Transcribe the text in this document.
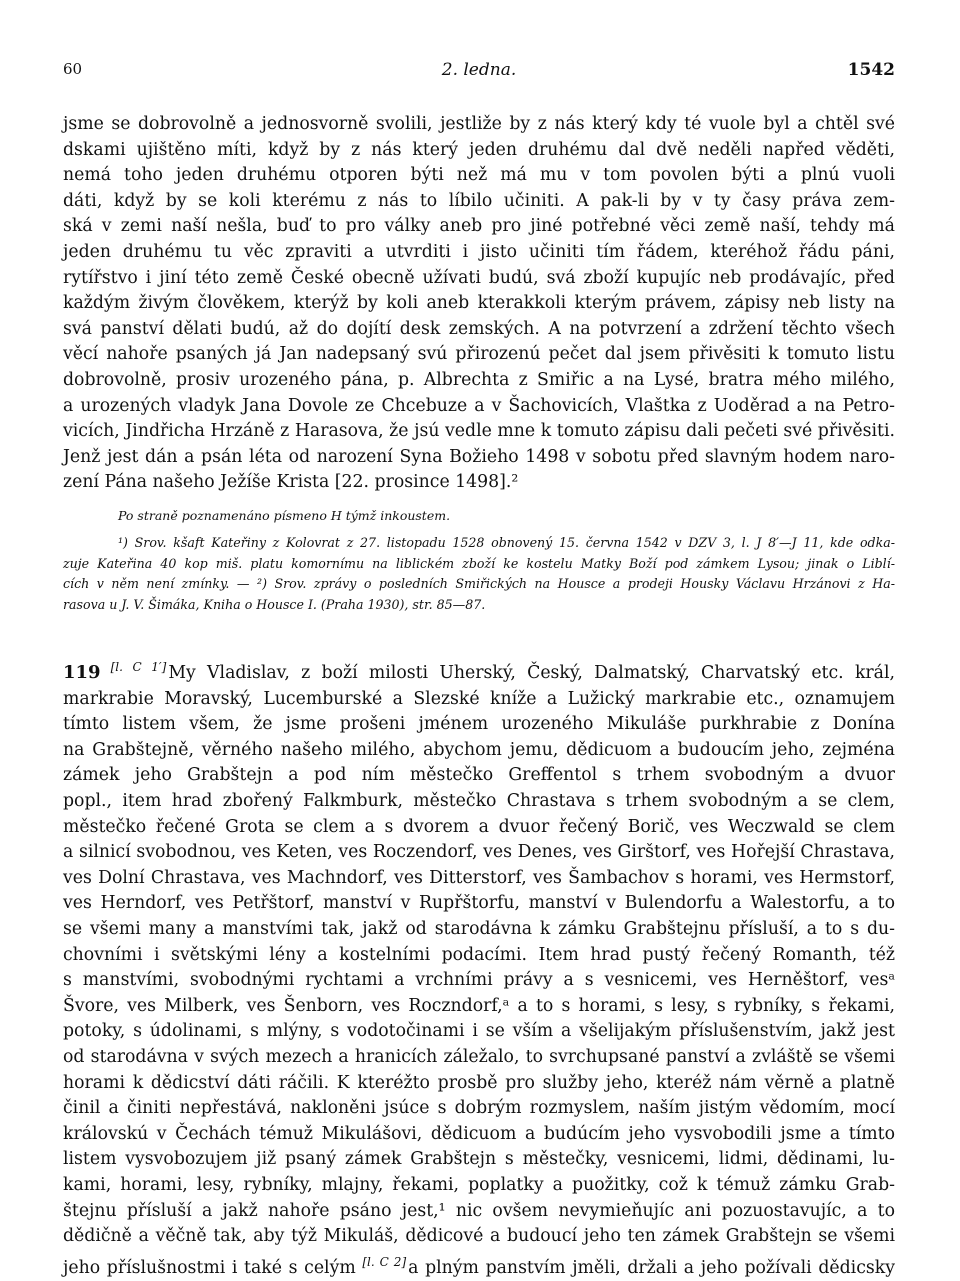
60	2. ledna.	1542

jsme se dobrovolně a jednosvorně svolili, jestliže by z nás který kdy té vuole byl a chtěl své

dskami ujištěno míti, když by z nás který jeden druhému dal dvě neděli napřed věděti,

nemá toho jeden druhému otporen býti než má mu v tom povolen býti a plnú vuoli

dáti, když by se koli kterému z nás to líbilo učiniti. A pak-li by v ty časy práva zem-

ská v zemi naší nešla, buď to pro války aneb pro jiné potřebné věci země naší, tehdy má

jeden druhému tu věc zpraviti a utvrditi i jisto učiniti tím řádem, kteréhož řádu páni,

rytířstvo i jiní této země České obecně užívati budú, svá zboží kupujíc neb prodávajíc, před

každým živým člověkem, kterýž by koli aneb kterakkoli kterým právem, zápisy neb listy na

svá panství dělati budú, až do dojítí desk zemských. A na potvrzení a zdržení těchto všech

věcí nahoře psaných já Jan nadepsaný svú přirozenú pečet dal jsem přivěsiti k tomuto listu

dobrovolně, prosiv urozeného pána, p. Albrechta z Smiřic a na Lysé, bratra mého milého,

a urozených vladyk Jana Dovole ze Chcebuze a v Šachovicích, Vlaštka z Uoděrad a na Petro-

vicích, Jindřicha Hrzáně z Harasova, že jsú vedle mne k tomuto zápisu dali pečeti své přivěsiti.

Jenž jest dán a psán léta od narození Syna Božieho 1498 v sobotu před slavným hodem naro-

zení Pána našeho Ježíše Krista [22. prosince 1498].²

Po straně poznamenáno písmeno H týmž inkoustem.

¹) Srov. kšaft Kateřiny z Kolovrat z 27. listopadu 1528 obnovený 15. června 1542 v DZV 3, l. J 8′—J 11, kde odka-

zuje Kateřina 40 kop miš. platu komornímu na liblickém zboží ke kostelu Matky Boží pod zámkem Lysou; jinak o Liblí-

cích v něm není zmínky. — ²) Srov. zprávy o posledních Smiřických na Housce a prodeji Housky Václavu Hrzánovi z Ha-

rasova u J. V. Šimáka, Kniha o Housce I. (Praha 1930), str. 85—87.

119 [l. C 1′] My Vladislav, z boží milosti Uherský, Český, Dalmatský, Charvatský etc. král,

markrabie Moravský, Lucemburské a Slezské kníže a Lužický markrabie etc., oznamujem

tímto listem všem, že jsme prošeni jménem urozeného Mikuláše purkhrabie z Donína

na Grabštejně, věrného našeho milého, abychom jemu, dědicuom a budoucím jeho, zejména

zámek jeho Grabštejn a pod ním městečko Greffentol s trhem svobodným a dvuor

popl., item hrad zbořený Falkmburk, městečko Chrastava s trhem svobodným a se clem,

městečko řečené Grota se clem a s dvorem a dvuor řečený Borič, ves Weczwald se clem

a silnicí svobodnou, ves Keten, ves Roczendorf, ves Denes, ves Girštorf, ves Hořejší Chrastava,

ves Dolní Chrastava, ves Machndorf, ves Ditterstorf, ves Šambachov s horami, ves Hermstorf,

ves Herndorf, ves Petřštorf, manství v Rupřštorfu, manství v Bulendorfu a Walestorfu, a to

se všemi many a manstvími tak, jakž od starodávna k zámku Grabštejnu přísluší, a to s du-

chovními i světskými lény a kostelními podacími. Item hrad pustý řečený Romanth, též

s manstvími, svobodnými rychtami a vrchními právy a s vesnicemi, ves Herněštorf, vesᵃ

Švore, ves Milberk, ves Šenborn, ves Roczndorf,ᵃ a to s horami, s lesy, s rybníky, s řekami,

potoky, s údolinami, s mlýny, s vodotočinami i se vším a všelijakým příslušenstvím, jakž jest

od starodávna v svých mezech a hranicích záležalo, to svrchupsané panství a zvláště se všemi

horami k dědicství dáti ráčili. K kteréžto prosbě pro služby jeho, kteréž nám věrně a platně

činil a činiti nepřestává, nakloněni jsúce s dobrým rozmyslem, naším jistým vědomím, mocí

královskú v Čechách témuž Mikulášovi, dědicuom a budúcím jeho vysvobodili jsme a tímto

listem vysvobozujem již psaný zámek Grabštejn s městečky, vesnicemi, lidmi, dědinami, lu-

kami, horami, lesy, rybníky, mlajny, řekami, poplatky a puožitky, což k témuž zámku Grab-

štejnu přísluší a jakž nahoře psáno jest,¹ nic ovšem nevymieňujíc ani pozuostavujíc, a to

dědičně a věčně tak, aby týž Mikuláš, dědicové a budoucí jeho ten zámek Grabštejn se všemi

jeho příslušnostmi i také s celým [l. C 2] a plným panstvím jměli, držali a jeho požívali dědicsky
